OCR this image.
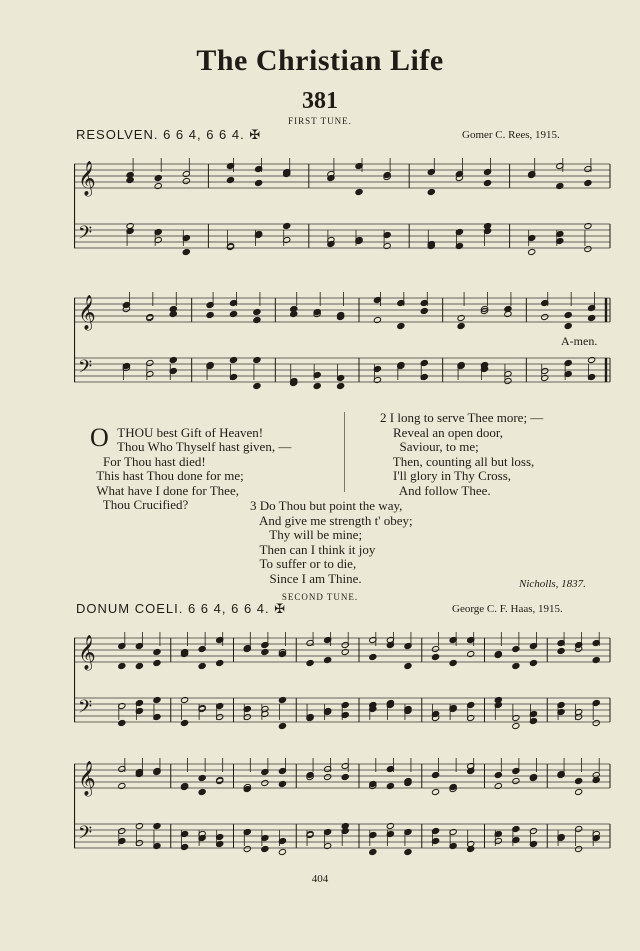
The Christian Life
381
FIRST TUNE.
RESOLVEN. 6 6 4, 6 6 4. ✠	Gomer C. Rees, 1915.
𝄞
𝄢
𝄞
𝄢
A-men.

OTHOU best Gift of Heaven!
Thou Who Thyself hast given, —
For Thou hast died!
This hast Thou done for me;
What have I done for Thee,
Thou Crucified?

2 I long to serve Thee more; —
Reveal an open door,
Saviour, to me;
Then, counting all but loss,
I'll glory in Thy Cross,
And follow Thee.
3 Do Thou but point the way,
And give me strength t' obey;
Thy will be mine;
Then can I think it joy
To suffer or to die,
Since I am Thine.	Nicholls, 1837.
SECOND TUNE.
DONUM COELI. 6 6 4, 6 6 4. ✠	George C. F. Haas, 1915.
𝄞
𝄢
𝄞
𝄢
404
